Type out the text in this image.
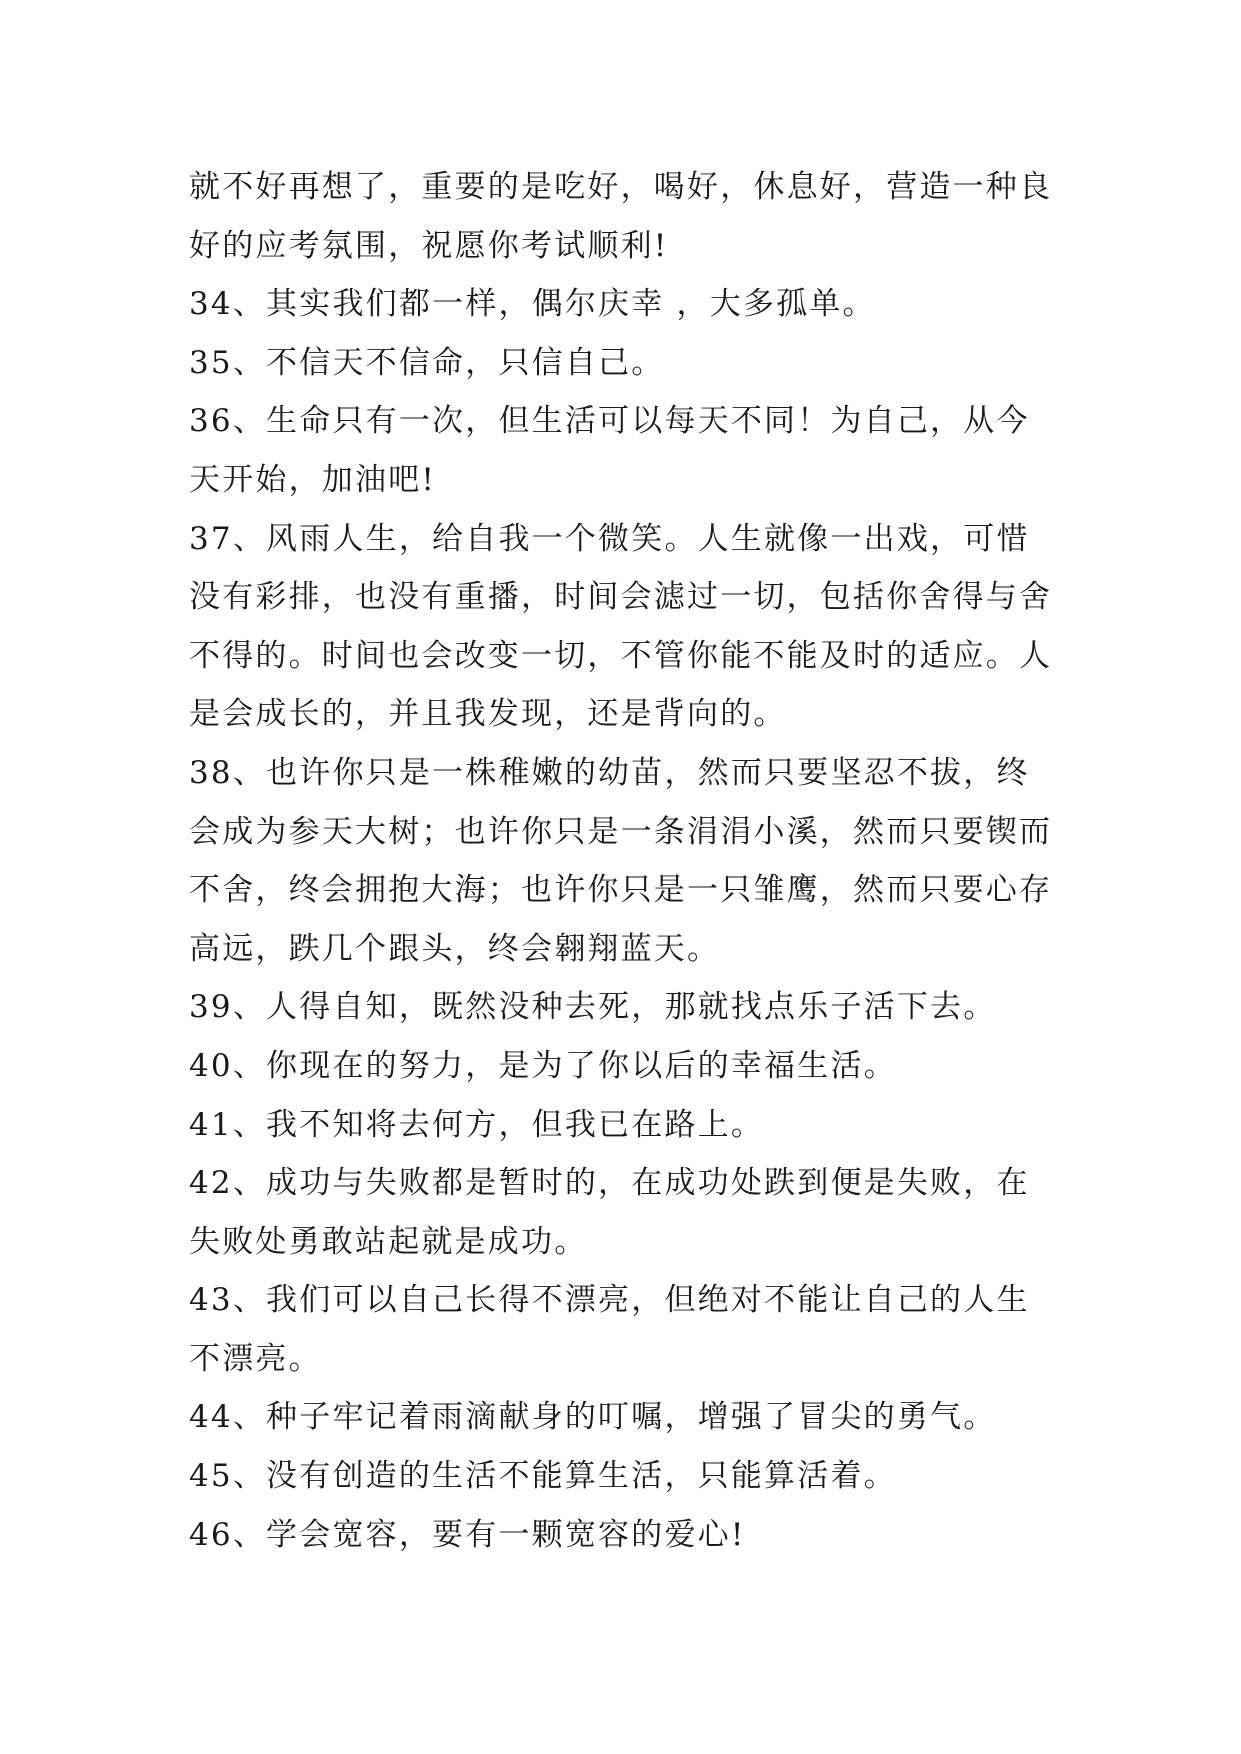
就不好再想了，重要的是吃好，喝好，休息好，营造一种良好的应考氛围，祝愿你考试顺利!

34、其实我们都一样，偶尔庆幸 ，大多孤单。

35、不信天不信命，只信自己。

36、生命只有一次，但生活可以每天不同！为自己，从今天开始，加油吧!

37、风雨人生，给自我一个微笑。人生就像一出戏，可惜没有彩排，也没有重播，时间会滤过一切，包括你舍得与舍不得的。时间也会改变一切，不管你能不能及时的适应。人是会成长的，并且我发现，还是背向的。

38、也许你只是一株稚嫩的幼苗，然而只要坚忍不拔，终会成为参天大树；也许你只是一条涓涓小溪，然而只要锲而不舍，终会拥抱大海；也许你只是一只雏鹰，然而只要心存高远，跌几个跟头，终会翱翔蓝天。

39、人得自知，既然没种去死，那就找点乐子活下去。

40、你现在的努力，是为了你以后的幸福生活。

41、我不知将去何方，但我已在路上。

42、成功与失败都是暂时的，在成功处跌到便是失败，在失败处勇敢站起就是成功。

43、我们可以自己长得不漂亮，但绝对不能让自己的人生不漂亮。

44、种子牢记着雨滴献身的叮嘱，增强了冒尖的勇气。

45、没有创造的生活不能算生活，只能算活着。

46、学会宽容，要有一颗宽容的爱心!
